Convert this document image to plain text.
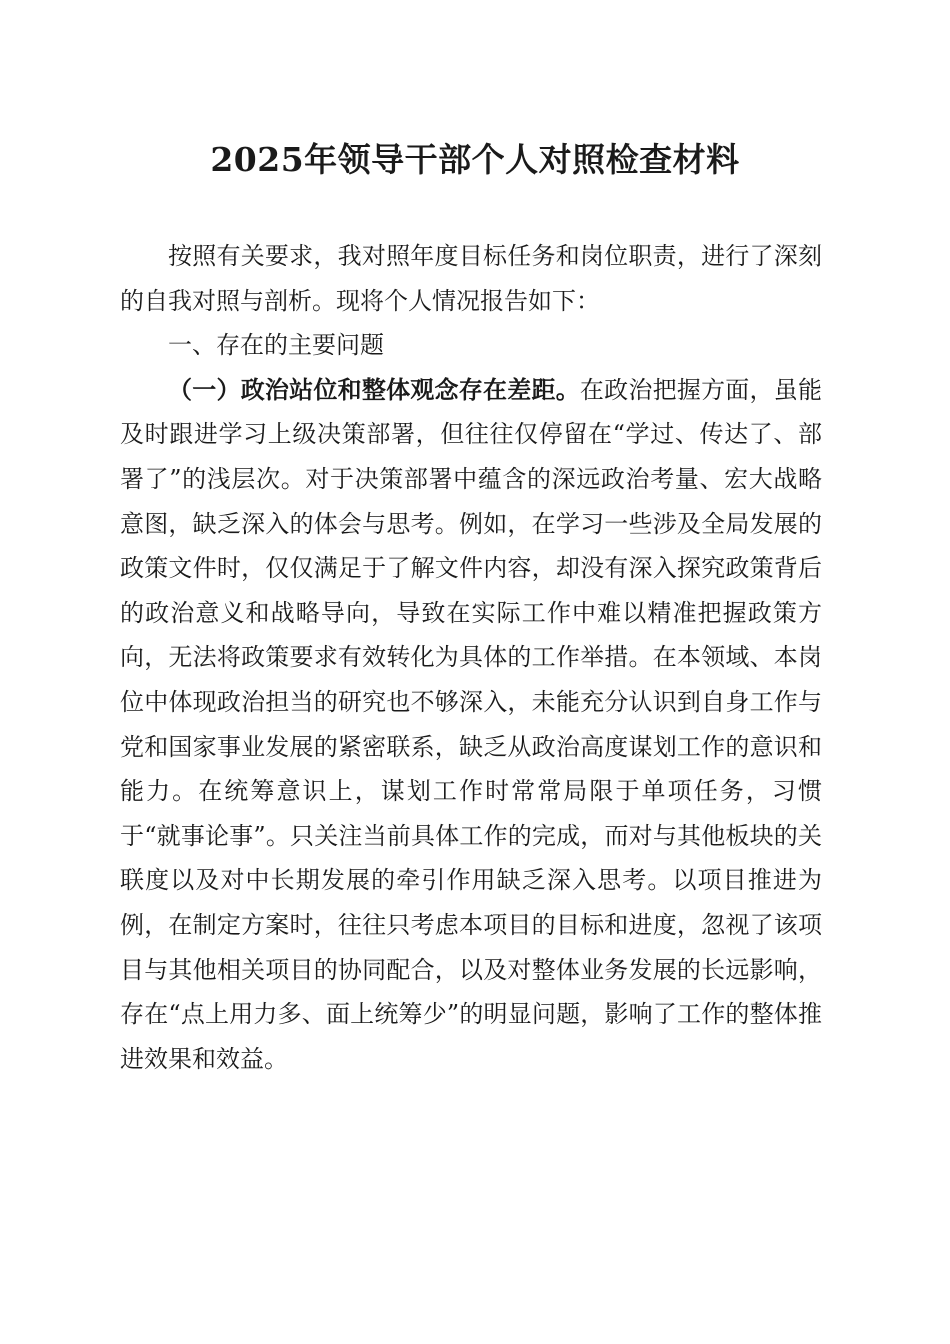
2025年领导干部个人对照检查材料

按照有关要求，我对照年度目标任务和岗位职责，进行了深刻的自我对照与剖析。现将个人情况报告如下：

一、存在的主要问题

（一）政治站位和整体观念存在差距。在政治把握方面，虽能及时跟进学习上级决策部署，但往往仅停留在“学过、传达了、部署了”的浅层次。对于决策部署中蕴含的深远政治考量、宏大战略意图，缺乏深入的体会与思考。例如，在学习一些涉及全局发展的政策文件时，仅仅满足于了解文件内容，却没有深入探究政策背后的政治意义和战略导向，导致在实际工作中难以精准把握政策方向，无法将政策要求有效转化为具体的工作举措。在本领域、本岗位中体现政治担当的研究也不够深入，未能充分认识到自身工作与党和国家事业发展的紧密联系，缺乏从政治高度谋划工作的意识和能力。在统筹意识上，谋划工作时常常局限于单项任务，习惯于“就事论事”。只关注当前具体工作的完成，而对与其他板块的关联度以及对中长期发展的牵引作用缺乏深入思考。以项目推进为例，在制定方案时，往往只考虑本项目的目标和进度，忽视了该项目与其他相关项目的协同配合，以及对整体业务发展的长远影响，存在“点上用力多、面上统筹少”的明显问题，影响了工作的整体推进效果和效益。
